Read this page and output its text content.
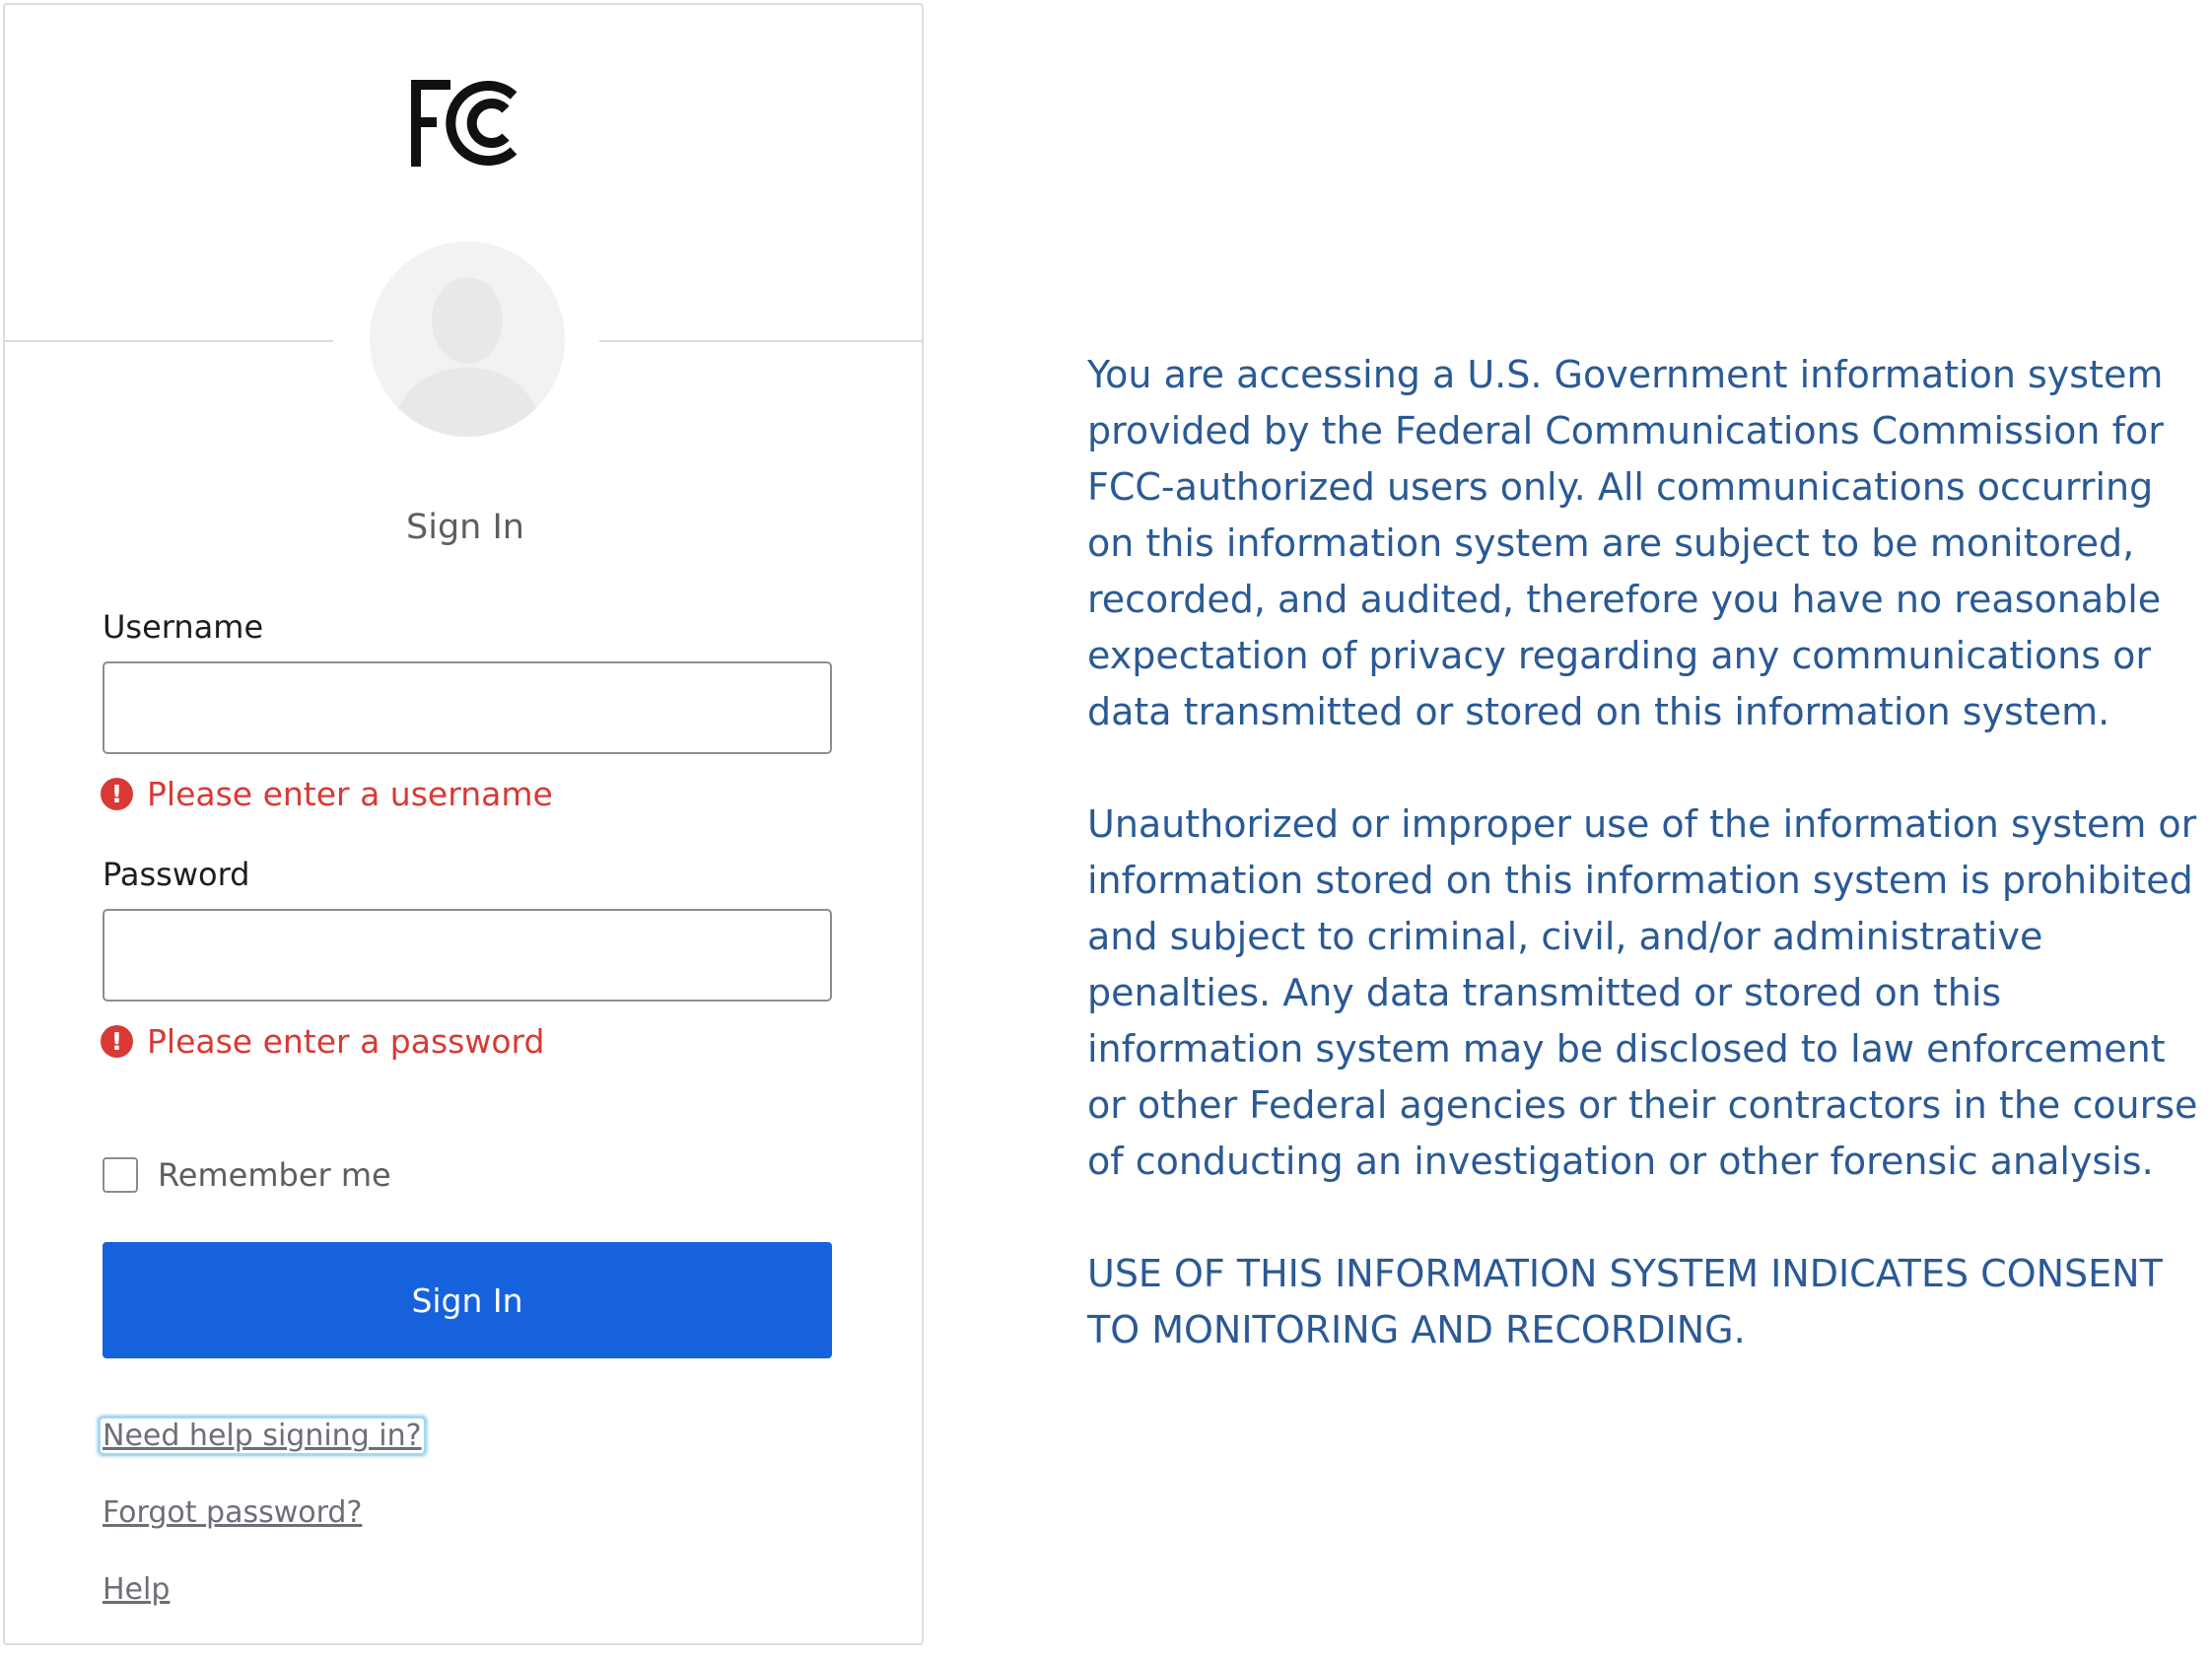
Sign In
Username
! Please enter a username
Password
! Please enter a password
Remember me
Sign In
Need help signing in?
Forgot password?
Help

You are accessing a U.S. Government information system provided by the Federal Communications Commission for FCC-authorized users only. All communications occurring on this information system are subject to be monitored, recorded, and audited, therefore you have no reasonable expectation of privacy regarding any communications or data transmitted or stored on this information system.

Unauthorized or improper use of the information system or information stored on this information system is prohibited and subject to criminal, civil, and/or administrative penalties. Any data transmitted or stored on this information system may be disclosed to law enforcement or other Federal agencies or their contractors in the course of conducting an investigation or other forensic analysis.

USE OF THIS INFORMATION SYSTEM INDICATES CONSENT TO MONITORING AND RECORDING.
